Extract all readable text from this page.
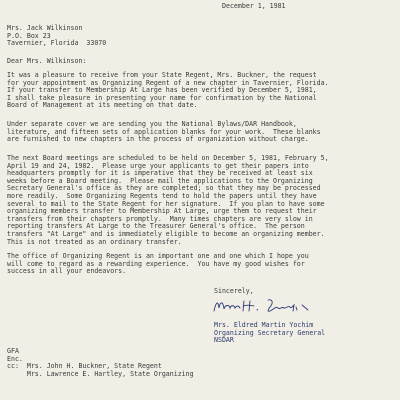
December 1, 1981

Mrs. Jack Wilkinson
P.O. Box 23
Tavernier, Florida  33070

Dear Mrs. Wilkinson:

It was a pleasure to receive from your State Regent, Mrs. Buckner, the request
for your appointment as Organizing Regent of a new chapter in Tavernier, Florida.
If your transfer to Membership At Large has been verified by December 5, 1981,
I shall take pleasure in presenting your name for confirmation by the National
Board of Management at its meeting on that date.
Under separate cover we are sending you the National Bylaws/DAR Handbook,
literature, and fifteen sets of application blanks for your work.  These blanks
are furnished to new chapters in the process of organization without charge.
The next Board meetings are scheduled to be held on December 5, 1981, February 5,
April 19 and 24, 1982.  Please urge your applicants to get their papers into
headquarters promptly for it is imperative that they be received at least six
weeks before a Board meeting.  Please mail the applications to the Organizing
Secretary General's office as they are completed; so that they may be processed
more readily.  Some Organizing Regents tend to hold the papers until they have
several to mail to the State Regent for her signature.  If you plan to have some
organizing members transfer to Membership At Large, urge them to request their
transfers from their chapters promptly.  Many times chapters are very slow in
reporting transfers At Large to the Treasurer General's office.  The person
transfers "At Large" and is immediately eligible to become an organizing member.
This is not treated as an ordinary transfer.
The office of Organizing Regent is an important one and one which I hope you
will come to regard as a rewarding experience.  You have my good wishes for
success in all your endeavors.

Sincerely,

Mrs. Eldred Martin Yochim
Organizing Secretary General
NSDAR
GFA
Enc.
cc:  Mrs. John H. Buckner, State Regent
Mrs. Lawrence E. Hartley, State Organizing
